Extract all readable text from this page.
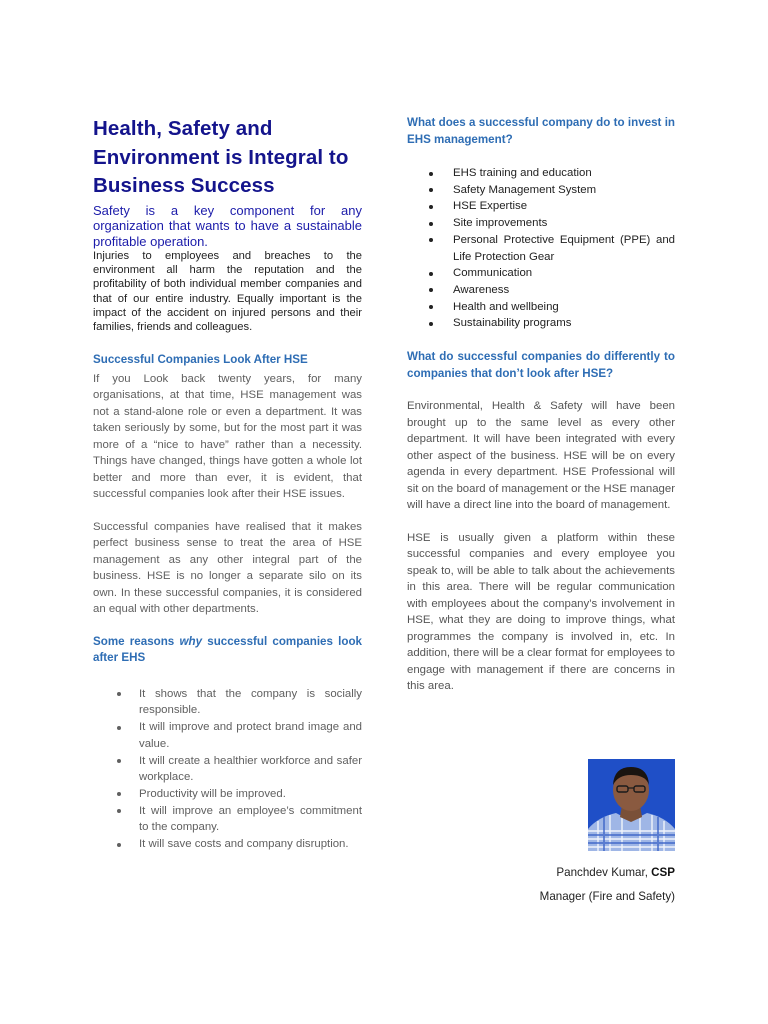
Health, Safety and Environment is Integral to Business Success

Safety is a key component for any organization that wants to have a sustainable profitable operation.

Injuries to employees and breaches to the environment all harm the reputation and the profitability of both individual member companies and that of our entire industry. Equally important is the impact of the accident on injured persons and their families, friends and colleagues.

Successful Companies Look After HSE

If you Look back twenty years, for many organisations, at that time, HSE management was not a stand-alone role or even a department. It was taken seriously by some, but for the most part it was more of a “nice to have” rather than a necessity. Things have changed, things have gotten a whole lot better and more than ever, it is evident, that successful companies look after their HSE issues.

Successful companies have realised that it makes perfect business sense to treat the area of HSE management as any other integral part of the business. HSE is no longer a separate silo on its own. In these successful companies, it is considered an equal with other departments.

Some reasons why successful companies look after EHS
It shows that the company is socially responsible.
It will improve and protect brand image and value.
It will create a healthier workforce and safer workplace.
Productivity will be improved.
It will improve an employee’s commitment to the company.
It will save costs and company disruption.
What does a successful company do to invest in EHS management?
EHS training and education
Safety Management System
HSE Expertise
Site improvements
Personal Protective Equipment (PPE) and Life Protection Gear
Communication
Awareness
Health and wellbeing
Sustainability programs
What do successful companies do differently to companies that don’t look after HSE?

Environmental, Health & Safety will have been brought up to the same level as every other department. It will have been integrated with every other aspect of the business. HSE will be on every agenda in every department. HSE Professional will sit on the board of management or the HSE manager will have a direct line into the board of management.

HSE is usually given a platform within these successful companies and every employee you speak to, will be able to talk about the achievements in this area. There will be regular communication with employees about the company’s involvement in HSE, what they are doing to improve things, what programmes the company is involved in, etc. In addition, there will be a clear format for employees to engage with management if there are concerns in this area.

Panchdev Kumar, CSP

Manager (Fire and Safety)
